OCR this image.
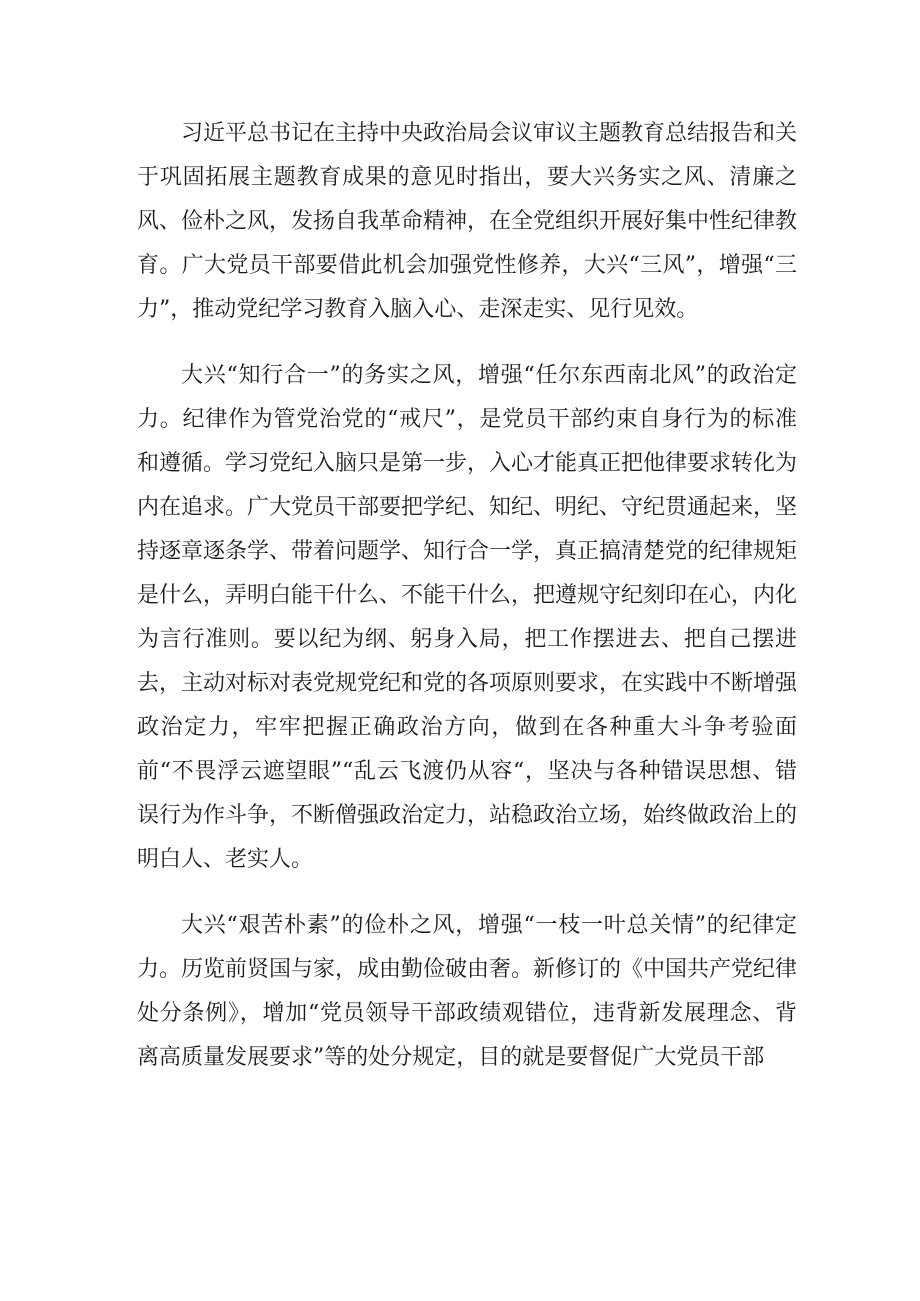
习近平总书记在主持中央政治局会议审议主题教育总结报告和关于巩固拓展主题教育成果的意见时指出，要大兴务实之风、清廉之风、俭朴之风，发扬自我革命精神，在全党组织开展好集中性纪律教育。广大党员干部要借此机会加强党性修养，大兴“三风”，增强“三力”，推动党纪学习教育入脑入心、走深走实、见行见效。

大兴“知行合一”的务实之风，增强“任尔东西南北风”的政治定力。纪律作为管党治党的“戒尺”，是党员干部约束自身行为的标准和遵循。学习党纪入脑只是第一步，入心才能真正把他律要求转化为内在追求。广大党员干部要把学纪、知纪、明纪、守纪贯通起来，坚持逐章逐条学、带着问题学、知行合一学，真正搞清楚党的纪律规矩是什么，弄明白能干什么、不能干什么，把遵规守纪刻印在心，内化为言行准则。要以纪为纲、躬身入局，把工作摆进去、把自己摆进去，主动对标对表党规党纪和党的各项原则要求，在实践中不断增强政治定力，牢牢把握正确政治方向，做到在各种重大斗争考验面前“不畏浮云遮望眼”“乱云飞渡仍从容“，坚决与各种错误思想、错误行为作斗争，不断僧强政治定力，站稳政治立场，始终做政治上的明白人、老实人。

大兴“艰苦朴素”的俭朴之风，增强“一枝一叶总关情”的纪律定力。历览前贤国与家，成由勤俭破由奢。新修订的《中国共产党纪律处分条例》，增加“党员领导干部政绩观错位，违背新发展理念、背离高质量发展要求”等的处分规定，目的就是要督促广大党员干部
